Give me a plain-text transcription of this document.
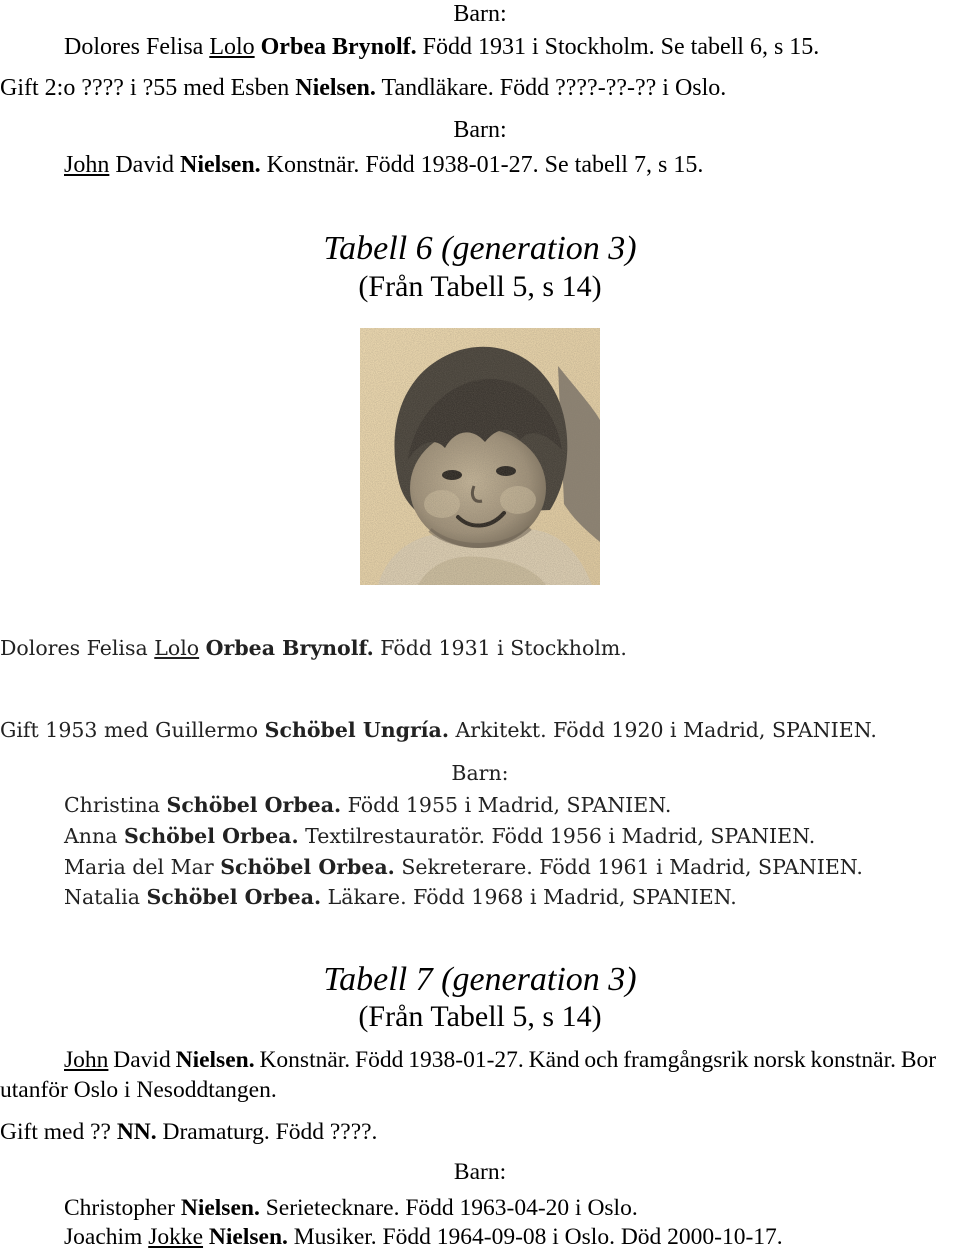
Barn:
Dolores Felisa Lolo Orbea Brynolf. Född 1931 i Stockholm. Se tabell 6, s 15.
Gift 2:o ???? i ?55 med Esben Nielsen. Tandläkare. Född ????-??-?? i Oslo.
Barn:
John David Nielsen. Konstnär. Född 1938-01-27. Se tabell 7, s 15.
Tabell 6 (generation 3)
(Från Tabell 5, s 14)
Dolores Felisa Lolo Orbea Brynolf. Född 1931 i Stockholm.
Gift 1953 med Guillermo Schöbel Ungría. Arkitekt. Född 1920 i Madrid, SPANIEN.
Barn:
Christina Schöbel Orbea. Född 1955 i Madrid, SPANIEN.
Anna Schöbel Orbea. Textilrestauratör. Född 1956 i Madrid, SPANIEN.
Maria del Mar Schöbel Orbea. Sekreterare. Född 1961 i Madrid, SPANIEN.
Natalia Schöbel Orbea. Läkare. Född 1968 i Madrid, SPANIEN.
Tabell 7 (generation 3)
(Från Tabell 5, s 14)
John David Nielsen. Konstnär. Född 1938-01-27. Känd och framgångsrik norsk konstnär. Bor
utanför Oslo i Nesoddtangen.
Gift med ?? NN. Dramaturg. Född ????.
Barn:
Christopher Nielsen. Serietecknare. Född 1963-04-20 i Oslo.
Joachim Jokke Nielsen. Musiker. Född 1964-09-08 i Oslo. Död 2000-10-17.
